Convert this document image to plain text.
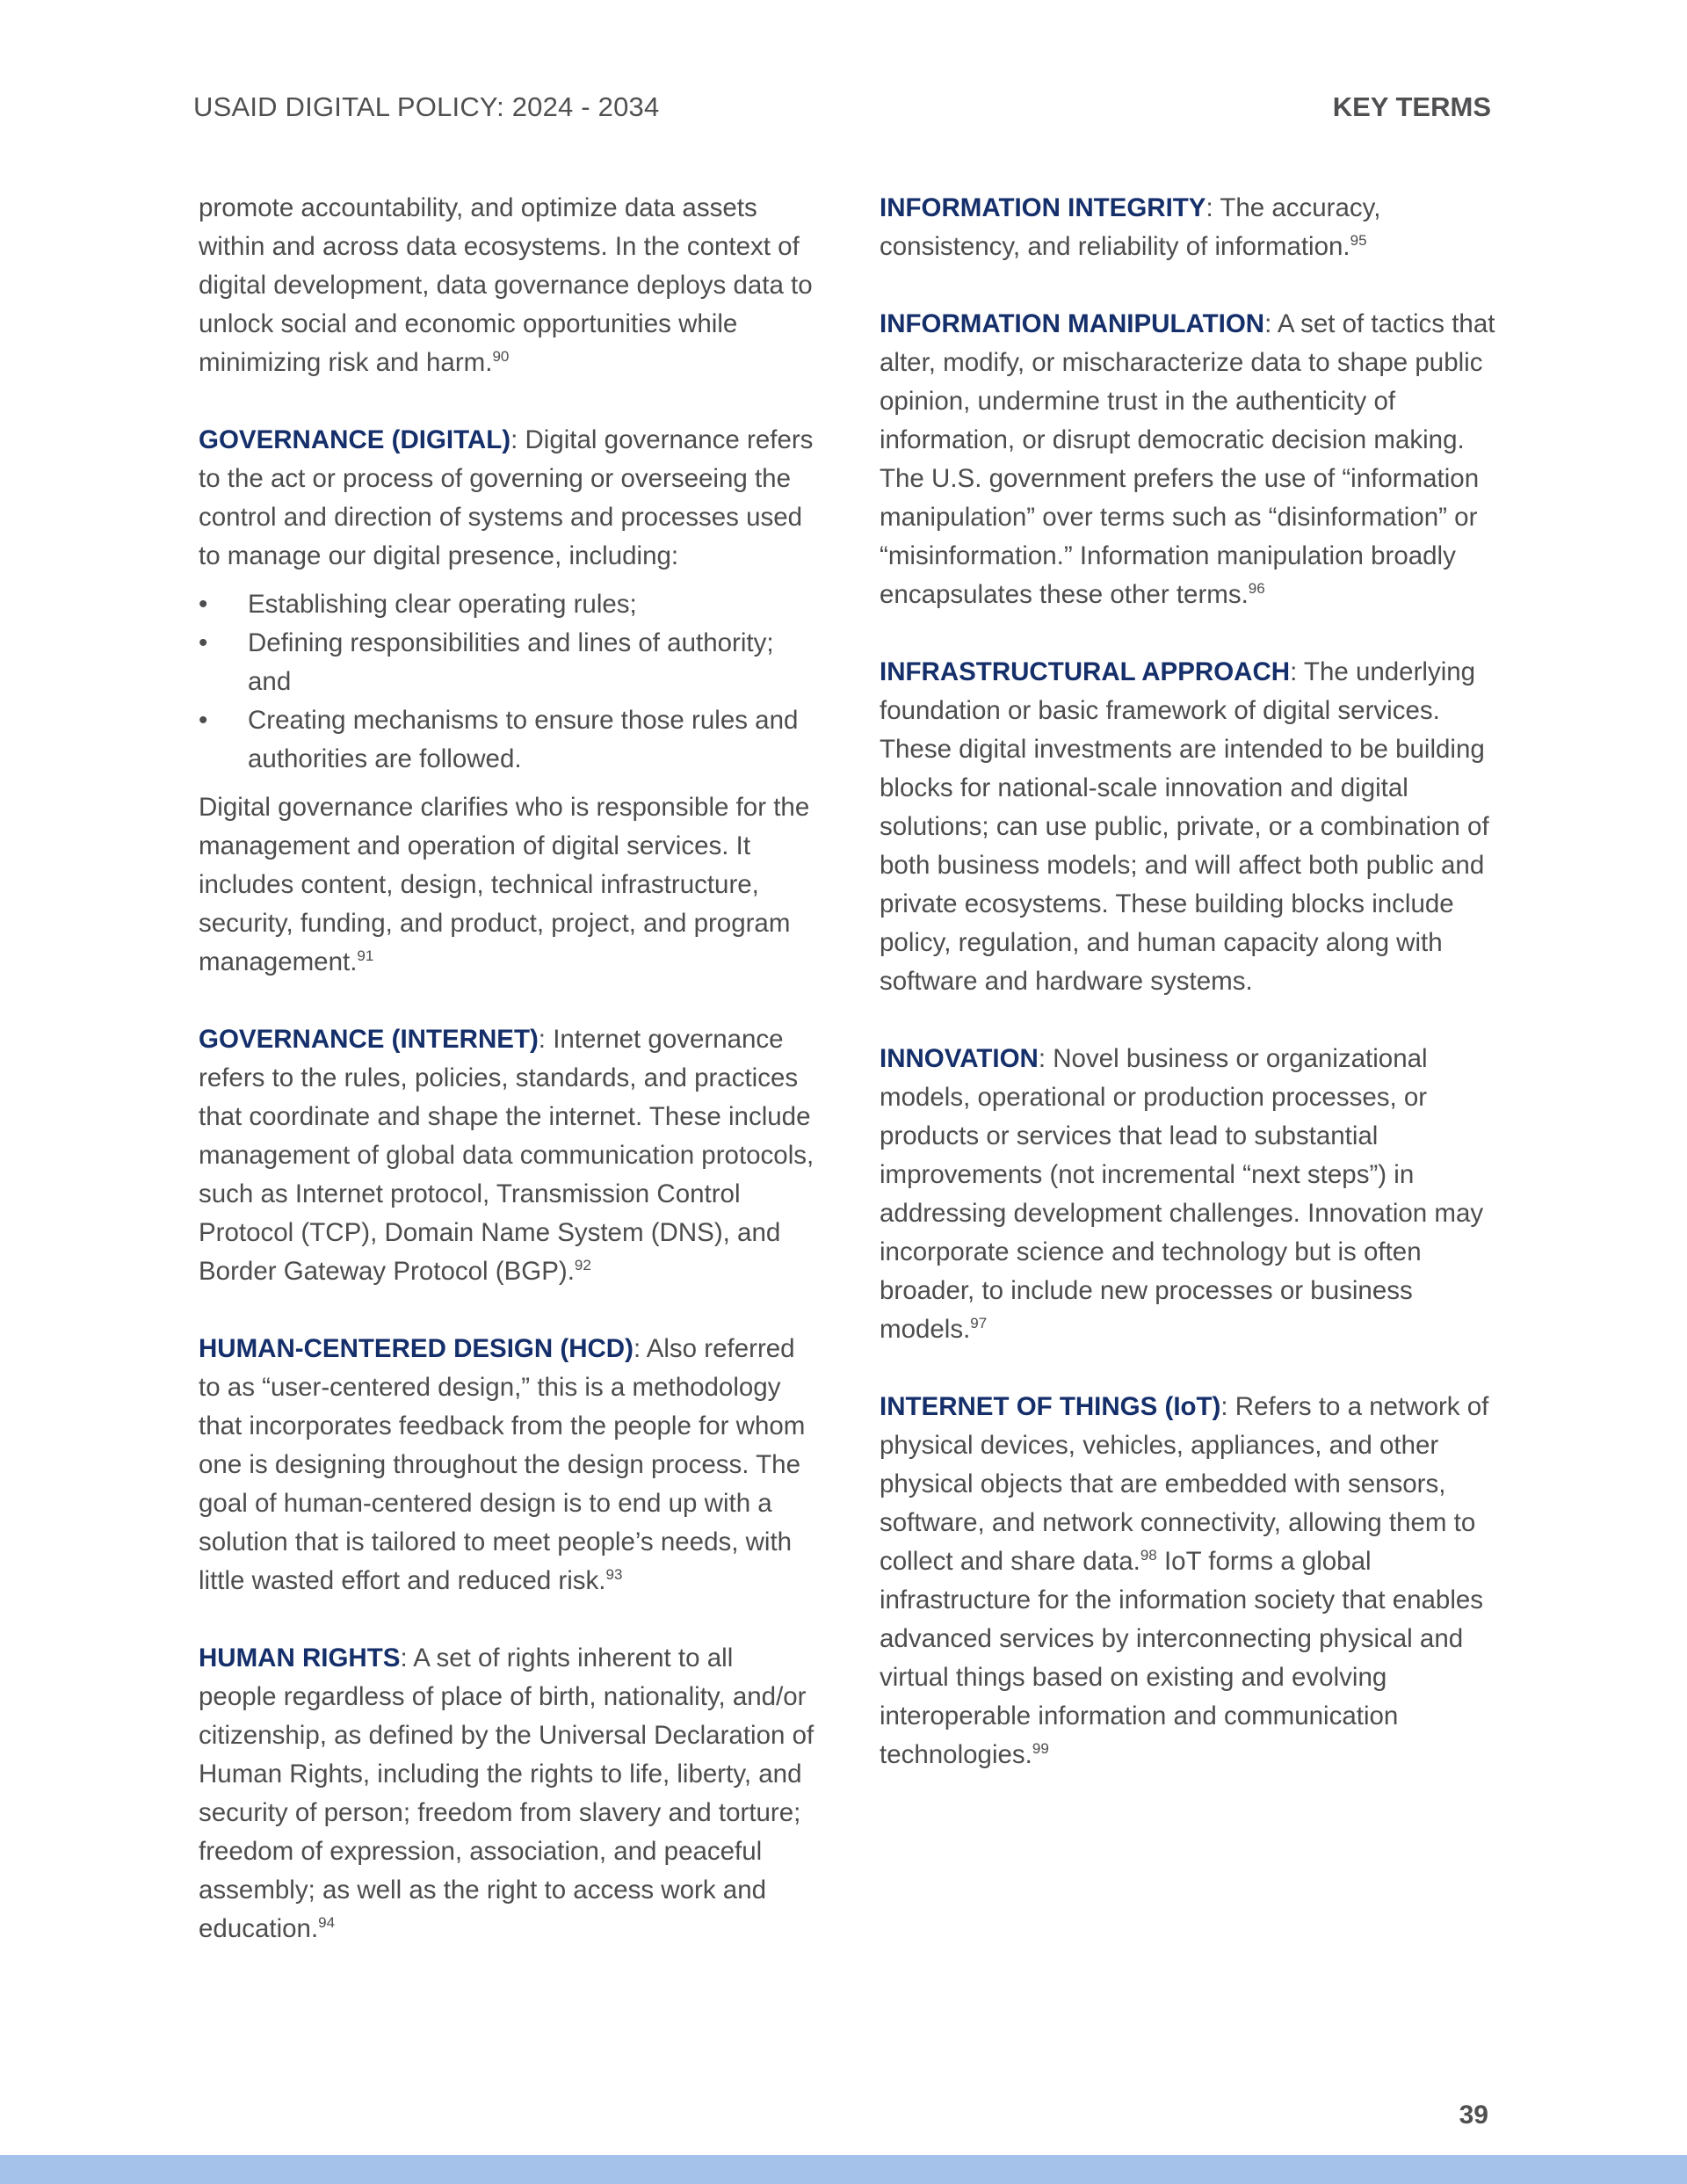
USAID DIGITAL POLICY: 2024 - 2034	KEY TERMS

promote accountability, and optimize data assets within and across data ecosystems. In the context of digital development, data governance deploys data to unlock social and economic opportunities while minimizing risk and harm.$^{90}$

GOVERNANCE (DIGITAL): Digital governance refers to the act or process of governing or overseeing the control and direction of systems and processes used to manage our digital presence, including:

• Establishing clear operating rules;
• Defining responsibilities and lines of authority; and
• Creating mechanisms to ensure those rules and authorities are followed.

Digital governance clarifies who is responsible for the management and operation of digital services. It includes content, design, technical infrastructure, security, funding, and product, project, and program management.$^{91}$

GOVERNANCE (INTERNET): Internet governance refers to the rules, policies, standards, and practices that coordinate and shape the internet. These include management of global data communication protocols, such as Internet protocol, Transmission Control Protocol (TCP), Domain Name System (DNS), and Border Gateway Protocol (BGP).$^{92}$

HUMAN-CENTERED DESIGN (HCD): Also referred to as “user-centered design,” this is a methodology that incorporates feedback from the people for whom one is designing throughout the design process. The goal of human-centered design is to end up with a solution that is tailored to meet people’s needs, with little wasted effort and reduced risk.$^{93}$

HUMAN RIGHTS: A set of rights inherent to all people regardless of place of birth, nationality, and/or citizenship, as defined by the Universal Declaration of Human Rights, including the rights to life, liberty, and security of person; freedom from slavery and torture; freedom of expression, association, and peaceful assembly; as well as the right to access work and education.$^{94}$

INFORMATION INTEGRITY: The accuracy, consistency, and reliability of information.$^{95}$

INFORMATION MANIPULATION: A set of tactics that alter, modify, or mischaracterize data to shape public opinion, undermine trust in the authenticity of information, or disrupt democratic decision making. The U.S. government prefers the use of “information manipulation” over terms such as “disinformation” or “misinformation.” Information manipulation broadly encapsulates these other terms.$^{96}$

INFRASTRUCTURAL APPROACH: The underlying foundation or basic framework of digital services. These digital investments are intended to be building blocks for national-scale innovation and digital solutions; can use public, private, or a combination of both business models; and will affect both public and private ecosystems. These building blocks include policy, regulation, and human capacity along with software and hardware systems.

INNOVATION: Novel business or organizational models, operational or production processes, or products or services that lead to substantial improvements (not incremental “next steps”) in addressing development challenges. Innovation may incorporate science and technology but is often broader, to include new processes or business models.$^{97}$

INTERNET OF THINGS (IoT): Refers to a network of physical devices, vehicles, appliances, and other physical objects that are embedded with sensors, software, and network connectivity, allowing them to collect and share data.$^{98}$ IoT forms a global infrastructure for the information society that enables advanced services by interconnecting physical and virtual things based on existing and evolving interoperable information and communication technologies.$^{99}$

39
